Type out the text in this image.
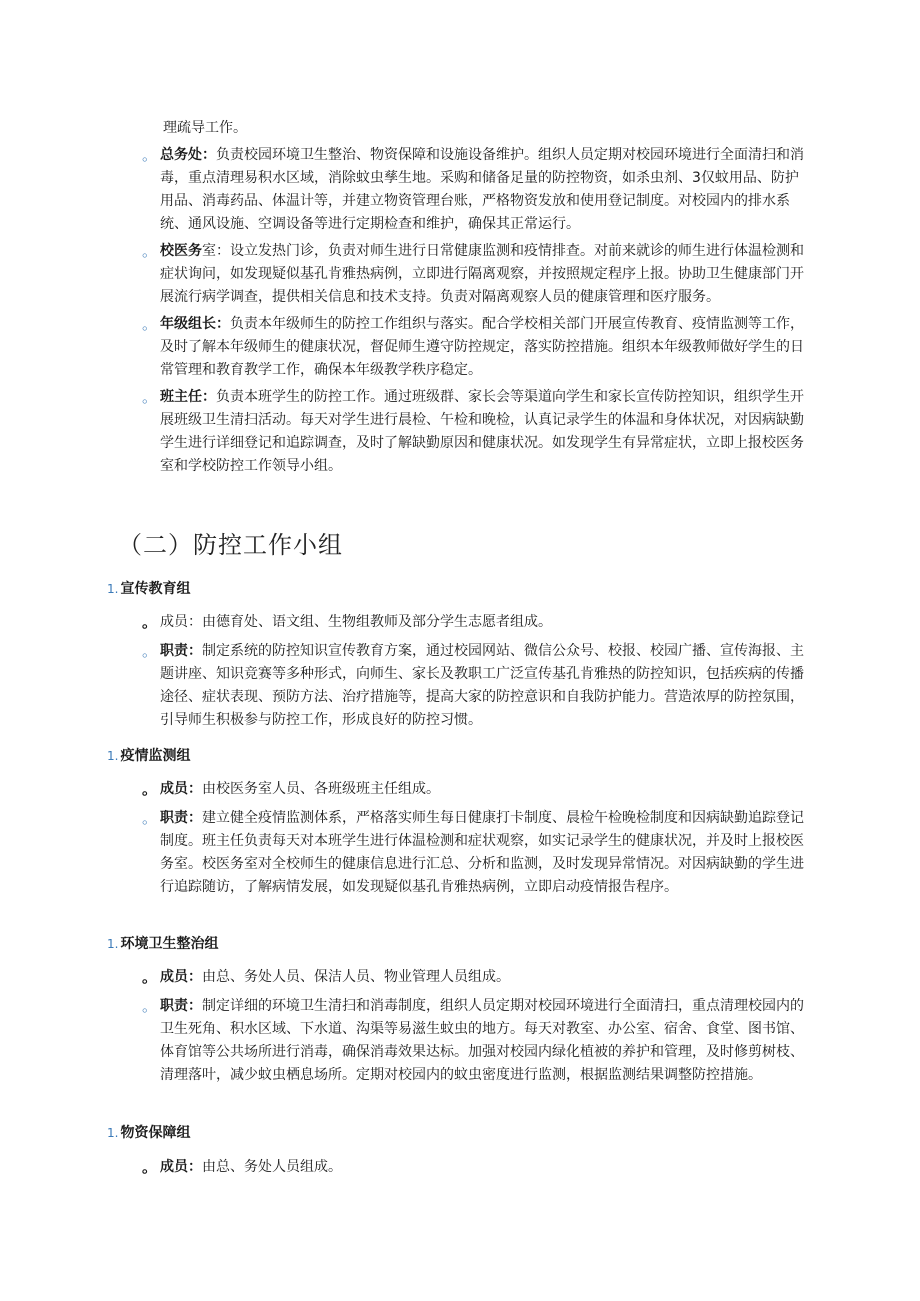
理疏导工作。
。 总务处：负责校园环境卫生整治、物资保障和设施设备维护。组织人员定期对校园环境进行全面清扫和消毒，重点清理易积水区域，消除蚊虫孳生地。采购和储备足量的防控物资，如杀虫剂、3仅蚊用品、防护用品、消毒药品、体温计等，并建立物资管理台账，严格物资发放和使用登记制度。对校园内的排水系统、通风设施、空调设备等进行定期检查和维护，确保其正常运行。
。 校医务室：设立发热门诊，负责对师生进行日常健康监测和疫情排查。对前来就诊的师生进行体温检测和症状询问，如发现疑似基孔肯雅热病例，立即进行隔离观察，并按照规定程序上报。协助卫生健康部门开展流行病学调查，提供相关信息和技术支持。负责对隔离观察人员的健康管理和医疗服务。
。 年级组长：负责本年级师生的防控工作组织与落实。配合学校相关部门开展宣传教育、疫情监测等工作，及时了解本年级师生的健康状况，督促师生遵守防控规定，落实防控措施。组织本年级教师做好学生的日常管理和教育教学工作，确保本年级教学秩序稳定。
。 班主任：负责本班学生的防控工作。通过班级群、家长会等渠道向学生和家长宣传防控知识，组织学生开展班级卫生清扫活动。每天对学生进行晨检、午检和晚检，认真记录学生的体温和身体状况，对因病缺勤学生进行详细登记和追踪调查，及时了解缺勤原因和健康状况。如发现学生有异常症状，立即上报校医务室和学校防控工作领导小组。
（二）防控工作小组
1. 宣传教育组
。 成员：由德育处、语文组、生物组教师及部分学生志愿者组成。
。 职责：制定系统的防控知识宣传教育方案，通过校园网站、微信公众号、校报、校园广播、宣传海报、主题讲座、知识竞赛等多种形式，向师生、家长及教职工广泛宣传基孔肯雅热的防控知识，包括疾病的传播途径、症状表现、预防方法、治疗措施等，提高大家的防控意识和自我防护能力。营造浓厚的防控氛围，引导师生积极参与防控工作，形成良好的防控习惯。
1. 疫情监测组
。 成员：由校医务室人员、各班级班主任组成。
。 职责：建立健全疫情监测体系，严格落实师生每日健康打卡制度、晨检午检晚检制度和因病缺勤追踪登记制度。班主任负责每天对本班学生进行体温检测和症状观察，如实记录学生的健康状况，并及时上报校医务室。校医务室对全校师生的健康信息进行汇总、分析和监测，及时发现异常情况。对因病缺勤的学生进行追踪随访，了解病情发展，如发现疑似基孔肯雅热病例，立即启动疫情报告程序。
1. 环境卫生整治组
。 成员：由总、务处人员、保洁人员、物业管理人员组成。
。 职责：制定详细的环境卫生清扫和消毒制度，组织人员定期对校园环境进行全面清扫，重点清理校园内的卫生死角、积水区域、下水道、沟渠等易滋生蚊虫的地方。每天对教室、办公室、宿舍、食堂、图书馆、体育馆等公共场所进行消毒，确保消毒效果达标。加强对校园内绿化植被的养护和管理，及时修剪树枝、清理落叶，减少蚊虫栖息场所。定期对校园内的蚊虫密度进行监测，根据监测结果调整防控措施。
1. 物资保障组
。 成员：由总、务处人员组成。
